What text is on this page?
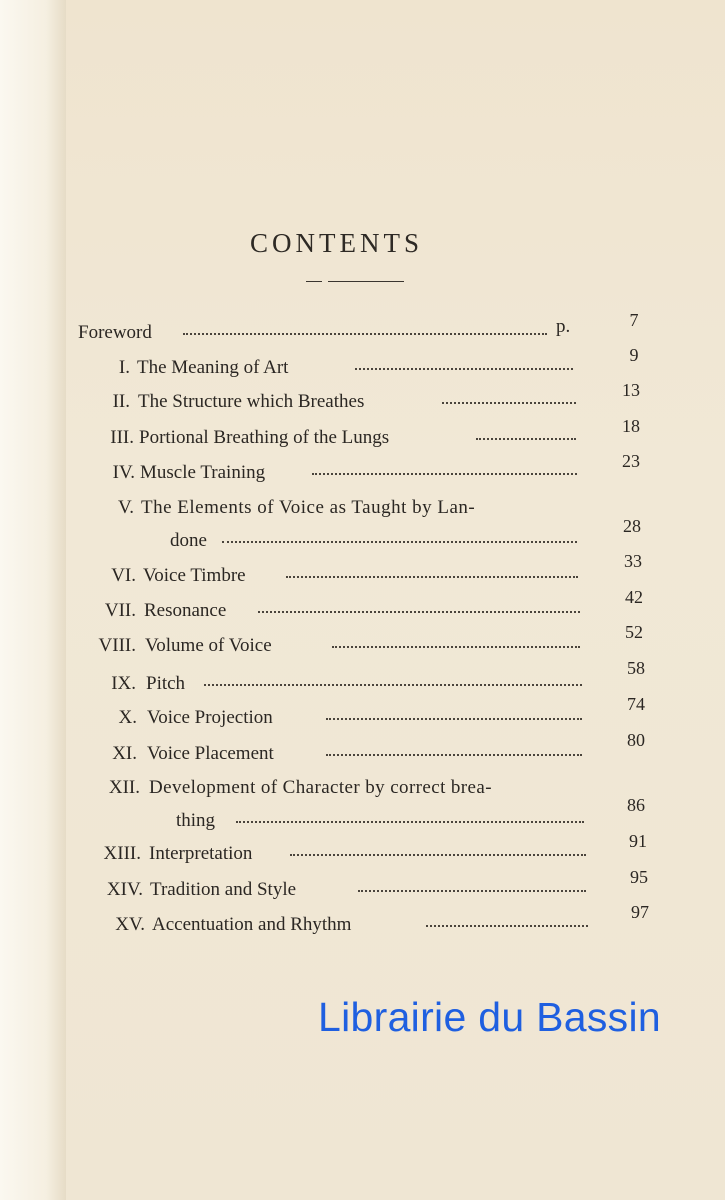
CONTENTS
p.
Foreword
7
I. The Meaning of Art
9
II. The Structure which Breathes
13
III. Portional Breathing of the Lungs
18
IV. Muscle Training
23
V. The Elements of Voice as Taught by Lan-
done
28
VI. Voice Timbre
33
VII. Resonance
42
VIII. Volume of Voice
52
IX. Pitch
58
X. Voice Projection
74
XI. Voice Placement
80
XII. Development of Character by correct brea-
thing
86
XIII. Interpretation
91
XIV. Tradition and Style
95
XV. Accentuation and Rhythm
97
Librairie du Bassin
